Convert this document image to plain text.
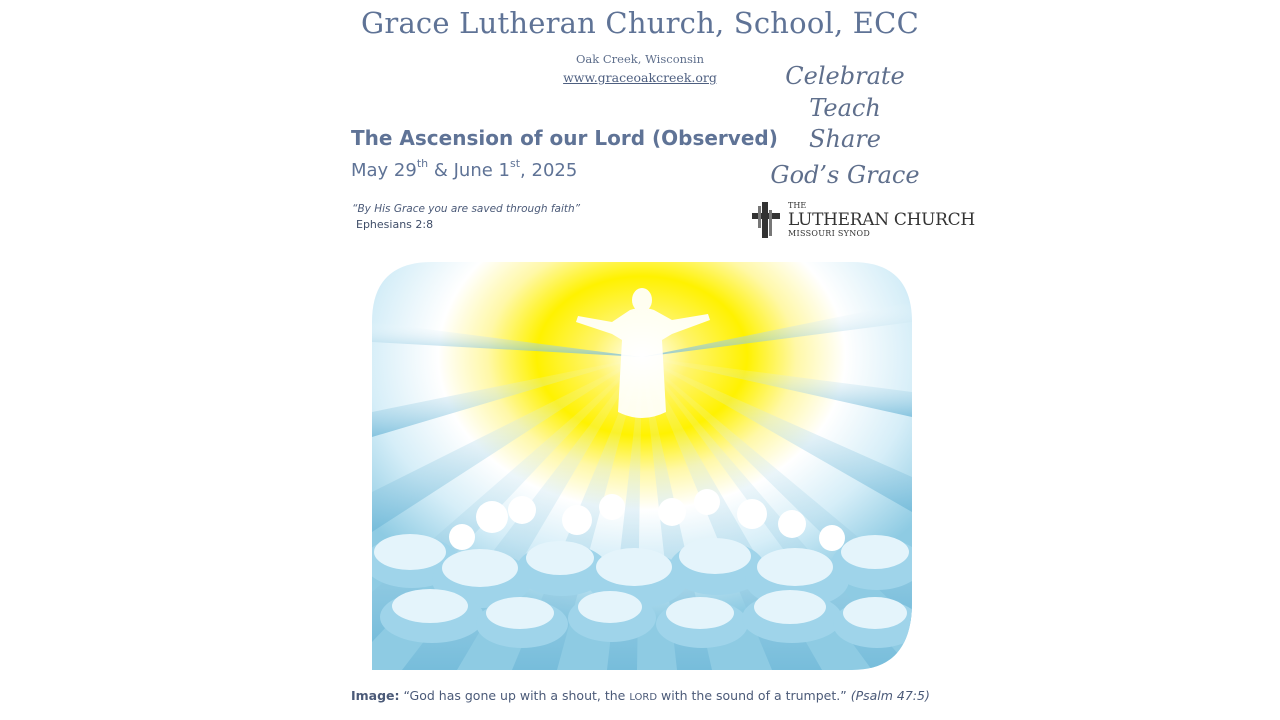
Grace Lutheran Church, School, ECC
Oak Creek, Wisconsin
www.graceoakcreek.org	Celebrate
Teach
Share
God’s Grace
The Ascension of our Lord (Observed)
May 29th & June 1st, 2025
“By His Grace you are saved through faith”
Ephesians 2:8
THE
LUTHERAN CHURCH
MISSOURI SYNOD
Image: “God has gone up with a shout, the LORD with the sound of a trumpet.” (Psalm 47:5)
